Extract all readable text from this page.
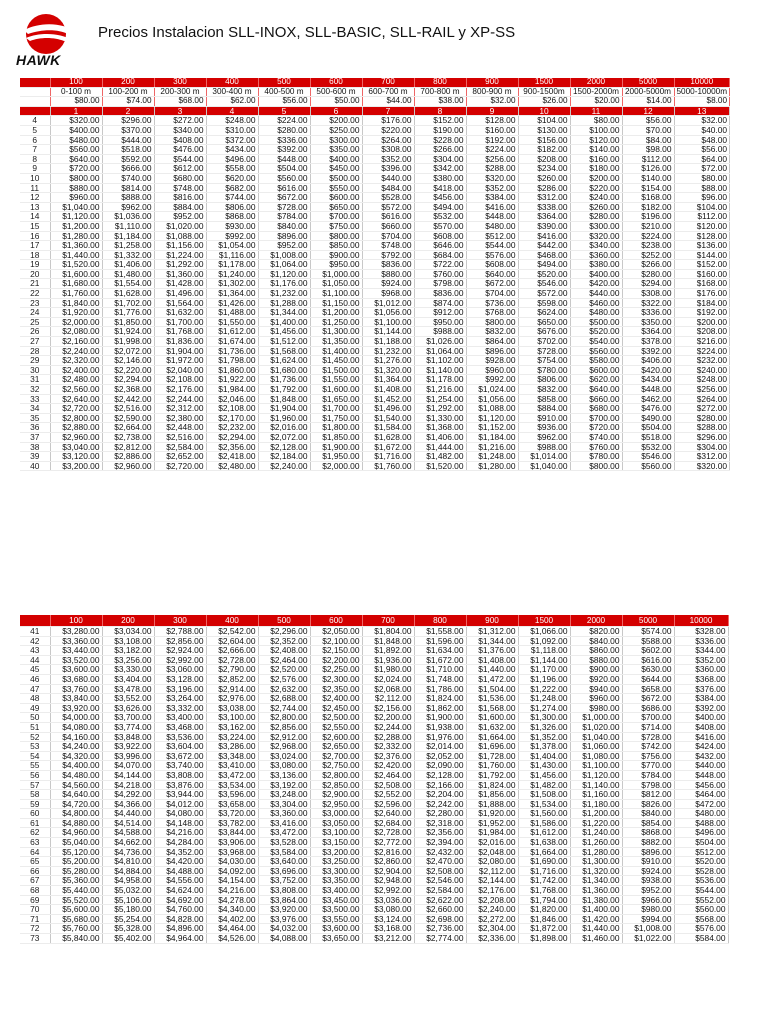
HAWK
Precios Instalacion SLL-INOX, SLL-BASIC, SLL-RAIL y XP-SS
	100	200	300	400	500	600	700	800	900	1500	2000	5000	10000
	0-100 m	100-200 m	200-300 m	300-400 m	400-500 m	500-600 m	600-700 m	700-800 m	800-900 m	900-1500m	1500-2000m	2000-5000m	5000-10000m
	$80.00	$74.00	$68.00	$62.00	$56.00	$50.00	$44.00	$38.00	$32.00	$26.00	$20.00	$14.00	$8.00
	1	2	3	4	5	6	7	8	9	10	11	12	13
4	$320.00	$296.00	$272.00	$248.00	$224.00	$200.00	$176.00	$152.00	$128.00	$104.00	$80.00	$56.00	$32.00
5	$400.00	$370.00	$340.00	$310.00	$280.00	$250.00	$220.00	$190.00	$160.00	$130.00	$100.00	$70.00	$40.00
6	$480.00	$444.00	$408.00	$372.00	$336.00	$300.00	$264.00	$228.00	$192.00	$156.00	$120.00	$84.00	$48.00
7	$560.00	$518.00	$476.00	$434.00	$392.00	$350.00	$308.00	$266.00	$224.00	$182.00	$140.00	$98.00	$56.00
8	$640.00	$592.00	$544.00	$496.00	$448.00	$400.00	$352.00	$304.00	$256.00	$208.00	$160.00	$112.00	$64.00
9	$720.00	$666.00	$612.00	$558.00	$504.00	$450.00	$396.00	$342.00	$288.00	$234.00	$180.00	$126.00	$72.00
10	$800.00	$740.00	$680.00	$620.00	$560.00	$500.00	$440.00	$380.00	$320.00	$260.00	$200.00	$140.00	$80.00
11	$880.00	$814.00	$748.00	$682.00	$616.00	$550.00	$484.00	$418.00	$352.00	$286.00	$220.00	$154.00	$88.00
12	$960.00	$888.00	$816.00	$744.00	$672.00	$600.00	$528.00	$456.00	$384.00	$312.00	$240.00	$168.00	$96.00
13	$1,040.00	$962.00	$884.00	$806.00	$728.00	$650.00	$572.00	$494.00	$416.00	$338.00	$260.00	$182.00	$104.00
14	$1,120.00	$1,036.00	$952.00	$868.00	$784.00	$700.00	$616.00	$532.00	$448.00	$364.00	$280.00	$196.00	$112.00
15	$1,200.00	$1,110.00	$1,020.00	$930.00	$840.00	$750.00	$660.00	$570.00	$480.00	$390.00	$300.00	$210.00	$120.00
16	$1,280.00	$1,184.00	$1,088.00	$992.00	$896.00	$800.00	$704.00	$608.00	$512.00	$416.00	$320.00	$224.00	$128.00
17	$1,360.00	$1,258.00	$1,156.00	$1,054.00	$952.00	$850.00	$748.00	$646.00	$544.00	$442.00	$340.00	$238.00	$136.00
18	$1,440.00	$1,332.00	$1,224.00	$1,116.00	$1,008.00	$900.00	$792.00	$684.00	$576.00	$468.00	$360.00	$252.00	$144.00
19	$1,520.00	$1,406.00	$1,292.00	$1,178.00	$1,064.00	$950.00	$836.00	$722.00	$608.00	$494.00	$380.00	$266.00	$152.00
20	$1,600.00	$1,480.00	$1,360.00	$1,240.00	$1,120.00	$1,000.00	$880.00	$760.00	$640.00	$520.00	$400.00	$280.00	$160.00
21	$1,680.00	$1,554.00	$1,428.00	$1,302.00	$1,176.00	$1,050.00	$924.00	$798.00	$672.00	$546.00	$420.00	$294.00	$168.00
22	$1,760.00	$1,628.00	$1,496.00	$1,364.00	$1,232.00	$1,100.00	$968.00	$836.00	$704.00	$572.00	$440.00	$308.00	$176.00
23	$1,840.00	$1,702.00	$1,564.00	$1,426.00	$1,288.00	$1,150.00	$1,012.00	$874.00	$736.00	$598.00	$460.00	$322.00	$184.00
24	$1,920.00	$1,776.00	$1,632.00	$1,488.00	$1,344.00	$1,200.00	$1,056.00	$912.00	$768.00	$624.00	$480.00	$336.00	$192.00
25	$2,000.00	$1,850.00	$1,700.00	$1,550.00	$1,400.00	$1,250.00	$1,100.00	$950.00	$800.00	$650.00	$500.00	$350.00	$200.00
26	$2,080.00	$1,924.00	$1,768.00	$1,612.00	$1,456.00	$1,300.00	$1,144.00	$988.00	$832.00	$676.00	$520.00	$364.00	$208.00
27	$2,160.00	$1,998.00	$1,836.00	$1,674.00	$1,512.00	$1,350.00	$1,188.00	$1,026.00	$864.00	$702.00	$540.00	$378.00	$216.00
28	$2,240.00	$2,072.00	$1,904.00	$1,736.00	$1,568.00	$1,400.00	$1,232.00	$1,064.00	$896.00	$728.00	$560.00	$392.00	$224.00
29	$2,320.00	$2,146.00	$1,972.00	$1,798.00	$1,624.00	$1,450.00	$1,276.00	$1,102.00	$928.00	$754.00	$580.00	$406.00	$232.00
30	$2,400.00	$2,220.00	$2,040.00	$1,860.00	$1,680.00	$1,500.00	$1,320.00	$1,140.00	$960.00	$780.00	$600.00	$420.00	$240.00
31	$2,480.00	$2,294.00	$2,108.00	$1,922.00	$1,736.00	$1,550.00	$1,364.00	$1,178.00	$992.00	$806.00	$620.00	$434.00	$248.00
32	$2,560.00	$2,368.00	$2,176.00	$1,984.00	$1,792.00	$1,600.00	$1,408.00	$1,216.00	$1,024.00	$832.00	$640.00	$448.00	$256.00
33	$2,640.00	$2,442.00	$2,244.00	$2,046.00	$1,848.00	$1,650.00	$1,452.00	$1,254.00	$1,056.00	$858.00	$660.00	$462.00	$264.00
34	$2,720.00	$2,516.00	$2,312.00	$2,108.00	$1,904.00	$1,700.00	$1,496.00	$1,292.00	$1,088.00	$884.00	$680.00	$476.00	$272.00
35	$2,800.00	$2,590.00	$2,380.00	$2,170.00	$1,960.00	$1,750.00	$1,540.00	$1,330.00	$1,120.00	$910.00	$700.00	$490.00	$280.00
36	$2,880.00	$2,664.00	$2,448.00	$2,232.00	$2,016.00	$1,800.00	$1,584.00	$1,368.00	$1,152.00	$936.00	$720.00	$504.00	$288.00
37	$2,960.00	$2,738.00	$2,516.00	$2,294.00	$2,072.00	$1,850.00	$1,628.00	$1,406.00	$1,184.00	$962.00	$740.00	$518.00	$296.00
38	$3,040.00	$2,812.00	$2,584.00	$2,356.00	$2,128.00	$1,900.00	$1,672.00	$1,444.00	$1,216.00	$988.00	$760.00	$532.00	$304.00
39	$3,120.00	$2,886.00	$2,652.00	$2,418.00	$2,184.00	$1,950.00	$1,716.00	$1,482.00	$1,248.00	$1,014.00	$780.00	$546.00	$312.00
40	$3,200.00	$2,960.00	$2,720.00	$2,480.00	$2,240.00	$2,000.00	$1,760.00	$1,520.00	$1,280.00	$1,040.00	$800.00	$560.00	$320.00
	100	200	300	400	500	600	700	800	900	1500	2000	5000	10000
41	$3,280.00	$3,034.00	$2,788.00	$2,542.00	$2,296.00	$2,050.00	$1,804.00	$1,558.00	$1,312.00	$1,066.00	$820.00	$574.00	$328.00
42	$3,360.00	$3,108.00	$2,856.00	$2,604.00	$2,352.00	$2,100.00	$1,848.00	$1,596.00	$1,344.00	$1,092.00	$840.00	$588.00	$336.00
43	$3,440.00	$3,182.00	$2,924.00	$2,666.00	$2,408.00	$2,150.00	$1,892.00	$1,634.00	$1,376.00	$1,118.00	$860.00	$602.00	$344.00
44	$3,520.00	$3,256.00	$2,992.00	$2,728.00	$2,464.00	$2,200.00	$1,936.00	$1,672.00	$1,408.00	$1,144.00	$880.00	$616.00	$352.00
45	$3,600.00	$3,330.00	$3,060.00	$2,790.00	$2,520.00	$2,250.00	$1,980.00	$1,710.00	$1,440.00	$1,170.00	$900.00	$630.00	$360.00
46	$3,680.00	$3,404.00	$3,128.00	$2,852.00	$2,576.00	$2,300.00	$2,024.00	$1,748.00	$1,472.00	$1,196.00	$920.00	$644.00	$368.00
47	$3,760.00	$3,478.00	$3,196.00	$2,914.00	$2,632.00	$2,350.00	$2,068.00	$1,786.00	$1,504.00	$1,222.00	$940.00	$658.00	$376.00
48	$3,840.00	$3,552.00	$3,264.00	$2,976.00	$2,688.00	$2,400.00	$2,112.00	$1,824.00	$1,536.00	$1,248.00	$960.00	$672.00	$384.00
49	$3,920.00	$3,626.00	$3,332.00	$3,038.00	$2,744.00	$2,450.00	$2,156.00	$1,862.00	$1,568.00	$1,274.00	$980.00	$686.00	$392.00
50	$4,000.00	$3,700.00	$3,400.00	$3,100.00	$2,800.00	$2,500.00	$2,200.00	$1,900.00	$1,600.00	$1,300.00	$1,000.00	$700.00	$400.00
51	$4,080.00	$3,774.00	$3,468.00	$3,162.00	$2,856.00	$2,550.00	$2,244.00	$1,938.00	$1,632.00	$1,326.00	$1,020.00	$714.00	$408.00
52	$4,160.00	$3,848.00	$3,536.00	$3,224.00	$2,912.00	$2,600.00	$2,288.00	$1,976.00	$1,664.00	$1,352.00	$1,040.00	$728.00	$416.00
53	$4,240.00	$3,922.00	$3,604.00	$3,286.00	$2,968.00	$2,650.00	$2,332.00	$2,014.00	$1,696.00	$1,378.00	$1,060.00	$742.00	$424.00
54	$4,320.00	$3,996.00	$3,672.00	$3,348.00	$3,024.00	$2,700.00	$2,376.00	$2,052.00	$1,728.00	$1,404.00	$1,080.00	$756.00	$432.00
55	$4,400.00	$4,070.00	$3,740.00	$3,410.00	$3,080.00	$2,750.00	$2,420.00	$2,090.00	$1,760.00	$1,430.00	$1,100.00	$770.00	$440.00
56	$4,480.00	$4,144.00	$3,808.00	$3,472.00	$3,136.00	$2,800.00	$2,464.00	$2,128.00	$1,792.00	$1,456.00	$1,120.00	$784.00	$448.00
57	$4,560.00	$4,218.00	$3,876.00	$3,534.00	$3,192.00	$2,850.00	$2,508.00	$2,166.00	$1,824.00	$1,482.00	$1,140.00	$798.00	$456.00
58	$4,640.00	$4,292.00	$3,944.00	$3,596.00	$3,248.00	$2,900.00	$2,552.00	$2,204.00	$1,856.00	$1,508.00	$1,160.00	$812.00	$464.00
59	$4,720.00	$4,366.00	$4,012.00	$3,658.00	$3,304.00	$2,950.00	$2,596.00	$2,242.00	$1,888.00	$1,534.00	$1,180.00	$826.00	$472.00
60	$4,800.00	$4,440.00	$4,080.00	$3,720.00	$3,360.00	$3,000.00	$2,640.00	$2,280.00	$1,920.00	$1,560.00	$1,200.00	$840.00	$480.00
61	$4,880.00	$4,514.00	$4,148.00	$3,782.00	$3,416.00	$3,050.00	$2,684.00	$2,318.00	$1,952.00	$1,586.00	$1,220.00	$854.00	$488.00
62	$4,960.00	$4,588.00	$4,216.00	$3,844.00	$3,472.00	$3,100.00	$2,728.00	$2,356.00	$1,984.00	$1,612.00	$1,240.00	$868.00	$496.00
63	$5,040.00	$4,662.00	$4,284.00	$3,906.00	$3,528.00	$3,150.00	$2,772.00	$2,394.00	$2,016.00	$1,638.00	$1,260.00	$882.00	$504.00
64	$5,120.00	$4,736.00	$4,352.00	$3,968.00	$3,584.00	$3,200.00	$2,816.00	$2,432.00	$2,048.00	$1,664.00	$1,280.00	$896.00	$512.00
65	$5,200.00	$4,810.00	$4,420.00	$4,030.00	$3,640.00	$3,250.00	$2,860.00	$2,470.00	$2,080.00	$1,690.00	$1,300.00	$910.00	$520.00
66	$5,280.00	$4,884.00	$4,488.00	$4,092.00	$3,696.00	$3,300.00	$2,904.00	$2,508.00	$2,112.00	$1,716.00	$1,320.00	$924.00	$528.00
67	$5,360.00	$4,958.00	$4,556.00	$4,154.00	$3,752.00	$3,350.00	$2,948.00	$2,546.00	$2,144.00	$1,742.00	$1,340.00	$938.00	$536.00
68	$5,440.00	$5,032.00	$4,624.00	$4,216.00	$3,808.00	$3,400.00	$2,992.00	$2,584.00	$2,176.00	$1,768.00	$1,360.00	$952.00	$544.00
69	$5,520.00	$5,106.00	$4,692.00	$4,278.00	$3,864.00	$3,450.00	$3,036.00	$2,622.00	$2,208.00	$1,794.00	$1,380.00	$966.00	$552.00
70	$5,600.00	$5,180.00	$4,760.00	$4,340.00	$3,920.00	$3,500.00	$3,080.00	$2,660.00	$2,240.00	$1,820.00	$1,400.00	$980.00	$560.00
71	$5,680.00	$5,254.00	$4,828.00	$4,402.00	$3,976.00	$3,550.00	$3,124.00	$2,698.00	$2,272.00	$1,846.00	$1,420.00	$994.00	$568.00
72	$5,760.00	$5,328.00	$4,896.00	$4,464.00	$4,032.00	$3,600.00	$3,168.00	$2,736.00	$2,304.00	$1,872.00	$1,440.00	$1,008.00	$576.00
73	$5,840.00	$5,402.00	$4,964.00	$4,526.00	$4,088.00	$3,650.00	$3,212.00	$2,774.00	$2,336.00	$1,898.00	$1,460.00	$1,022.00	$584.00
